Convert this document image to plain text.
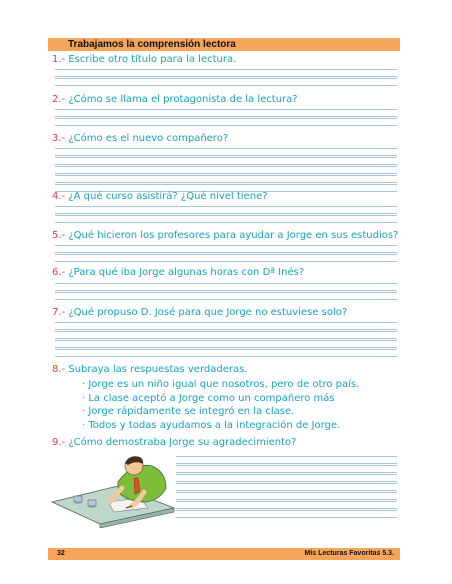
Trabajamos la comprensión lectora
1.- Escribe otro título para la lectura.
2.- ¿Cómo se llama el protagonista de la lectura?
3.- ¿Cómo es el nuevo compañero?
4.- ¿A qué curso asistirá? ¿Qué nivel tiene?
5.- ¿Qué hicieron los profesores para ayudar a Jorge en sus estudios?
6.- ¿Para qué iba Jorge algunas horas con Dª Inés?
7.- ¿Qué propuso D. José para que Jorge no estuviese solo?
8.- Subraya las respuestas verdaderas.
· Jorge es un niño igual que nosotros, pero de otro país.
· La clase aceptó a Jorge como un compañero más
· Jorge rápidamente se integró en la clase.
· Todos y todas ayudamos a la integración de Jorge.
9.- ¿Cómo demostraba Jorge su agradecimiento?
32	Mis Lecturas Favoritas 5.3.
